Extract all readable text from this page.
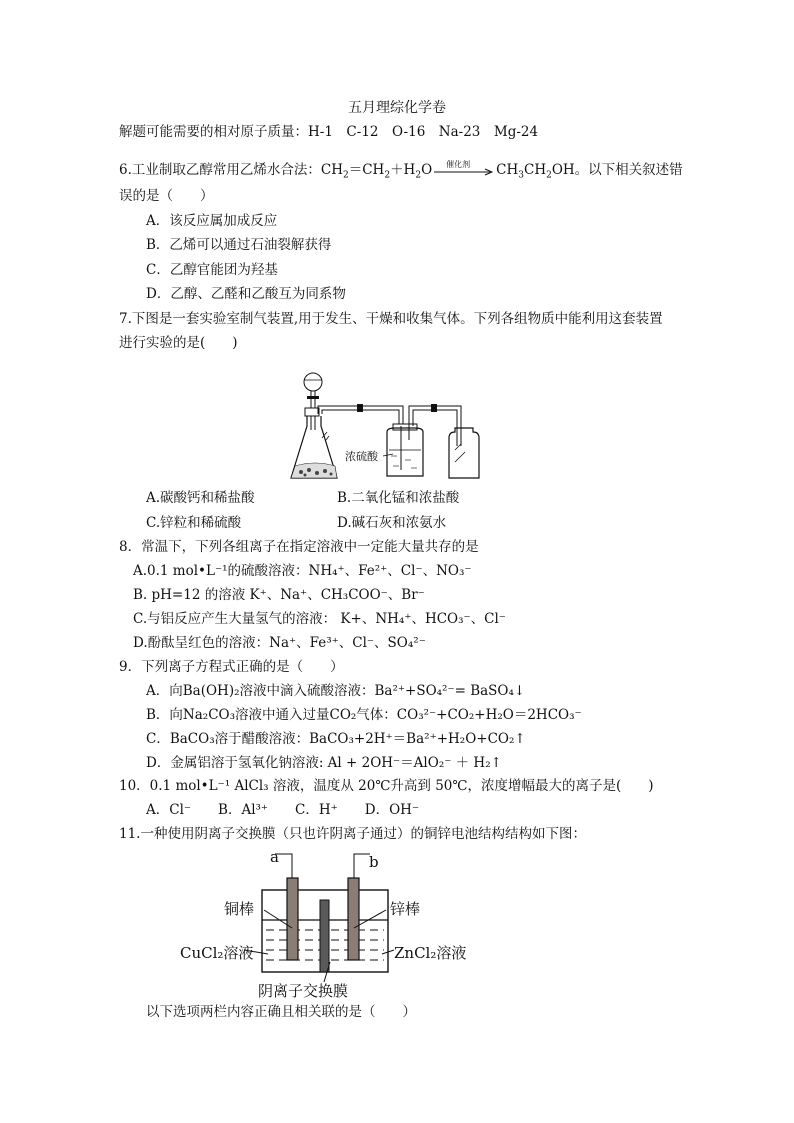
五月理综化学卷
解题可能需要的相对原子质量：H-1　C-12　O-16　Na-23　Mg-24
6.工业制取乙醇常用乙烯水合法：$CH_2=CH_2+H_2O$ 催化剂 $CH_3CH_2OH$。以下相关叙述错
误的是（　　）
A．该反应属加成反应
B．乙烯可以通过石油裂解获得
C．乙醇官能团为羟基
D．乙醇、乙醛和乙酸互为同系物
7.下图是一套实验室制气装置,用于发生、干燥和收集气体。下列各组物质中能利用这套装置
进行实验的是(　　)
浓硫酸
A.碳酸钙和稀盐酸	B.二氧化锰和浓盐酸
C.锌粒和稀硫酸	D.碱石灰和浓氨水
8．常温下，下列各组离子在指定溶液中一定能大量共存的是
A.0.1 mol•L⁻¹的硫酸溶液：NH₄⁺、Fe²⁺、Cl⁻、NO₃⁻
B. pH=12 的溶液 K⁺、Na⁺、CH₃COO⁻、Br⁻
C.与铝反应产生大量氢气的溶液： K+、NH₄⁺、HCO₃⁻、Cl⁻
D.酚酞呈红色的溶液：Na⁺、Fe³⁺、Cl⁻、SO₄²⁻
9．下列离子方程式正确的是（　　）
A．向Ba(OH)₂溶液中滴入硫酸溶液：Ba²⁺+SO₄²⁻= BaSO₄↓
B．向Na₂CO₃溶液中通入过量CO₂气体：CO₃²⁻+CO₂+H₂O＝2HCO₃⁻
C．BaCO₃溶于醋酸溶液：BaCO₃+2H⁺＝Ba²⁺+H₂O+CO₂↑
D．金属铝溶于氢氧化钠溶液: Al + 2OH⁻＝AlO₂⁻ ＋ H₂↑
10．0.1 mol•L⁻¹ AlCl₃ 溶液，温度从 20℃升高到 50℃，浓度增幅最大的离子是(　　)
A．Cl⁻　　B．Al³⁺　　C．H⁺　　D．OH⁻
11.一种使用阴离子交换膜（只也许阴离子通过）的铜锌电池结构结构如下图：
a	b
铜棒	锌棒
CuCl₂溶液	ZnCl₂溶液
阴离子交换膜
以下选项两栏内容正确且相关联的是（　　）
